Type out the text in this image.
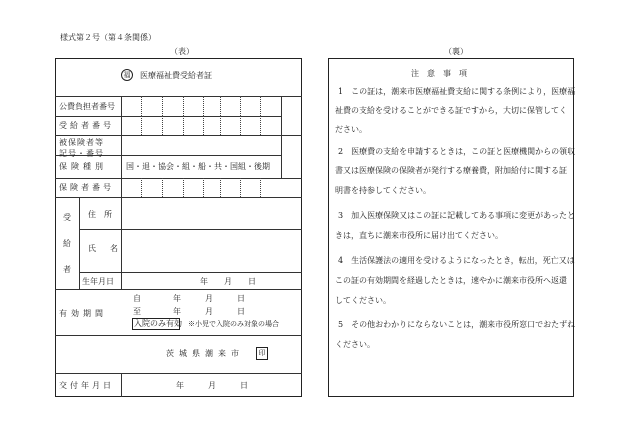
様式第２号（第４条関係）
（表）	（裏）
福	医療福祉費受給者証
公費負担者番号
受給者番号
被保険者等
記号・番号
保険種別 国・退・協会・組・船・共・国組・後期
保険者番号
受
給
者
住　所
氏 名
生年月日	年　　月　　日
有効期間
自　　　　年　　　月　　　日
至　　　　年　　　月　　　日
入院のみ有効 ※小児で入院のみ対象の場合
茨城県潮来市	印
交付年月日	年　　　月　　　日
注　意　事　項
1　この証は，潮来市医療福祉費支給に関する条例により，医療福
祉費の支給を受けることができる証ですから，大切に保管してく
ださい。
2　医療費の支給を申請するときは，この証と医療機関からの領収
書又は医療保険の保険者が発行する療養費，附加給付に関する証
明書を持参してください。
3　加入医療保険又はこの証に記載してある事項に変更があったと
きは，直ちに潮来市役所に届け出てください。
4　生活保護法の適用を受けるようになったとき，転出，死亡又は
この証の有効期間を経過したときは，速やかに潮来市役所へ返還
してください。
5　その他おわかりにならないことは，潮来市役所窓口でおたずね
ください。
